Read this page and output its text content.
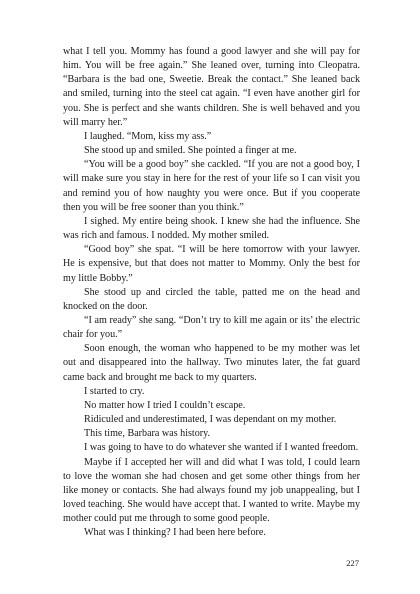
what I tell you. Mommy has found a good lawyer and she will pay for him. You will be free again.” She leaned over, turning into Cleopatra. “Barbara is the bad one, Sweetie. Break the contact.” She leaned back and smiled, turning into the steel cat again. “I even have another girl for you. She is perfect and she wants children. She is well behaved and you will marry her.”

I laughed. “Mom, kiss my ass.”

She stood up and smiled. She pointed a finger at me.

“You will be a good boy” she cackled. “If you are not a good boy, I will make sure you stay in here for the rest of your life so I can visit you and remind you of how naughty you were once. But if you cooperate then you will be free sooner than you think.”

I sighed. My entire being shook. I knew she had the influence. She was rich and famous. I nodded. My mother smiled.

“Good boy” she spat. “I will be here tomorrow with your lawyer. He is expensive, but that does not matter to Mommy. Only the best for my little Bobby.”

She stood up and circled the table, patted me on the head and knocked on the door.

“I am ready” she sang. “Don’t try to kill me again or its’ the electric chair for you.”

Soon enough, the woman who happened to be my mother was let out and disappeared into the hallway. Two minutes later, the fat guard came back and brought me back to my quarters.

I started to cry.

No matter how I tried I couldn’t escape.

Ridiculed and underestimated, I was dependant on my mother.

This time, Barbara was history.

I was going to have to do whatever she wanted if I wanted freedom.

Maybe if I accepted her will and did what I was told, I could learn to love the woman she had chosen and get some other things from her like money or contacts. She had always found my job unappealing, but I loved teaching. She would have accept that. I wanted to write. Maybe my mother could put me through to some good people.

What was I thinking? I had been here before.

227
